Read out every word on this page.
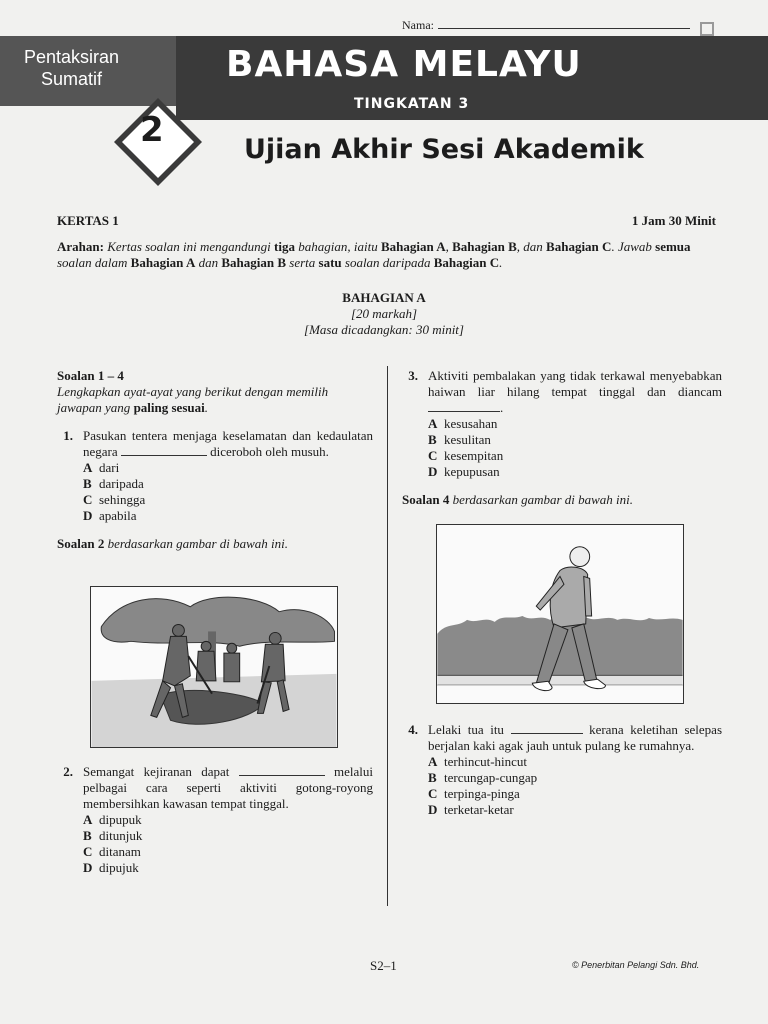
Nama:
Pentaksiran
Sumatif	BAHASA MELAYU
TINGKATAN 3
Ujian Akhir Sesi Akademik
2
KERTAS 1	1 Jam 30 Minit
Arahan: Kertas soalan ini mengandungi tiga bahagian, iaitu Bahagian A, Bahagian B, dan Bahagian C. Jawab semua soalan dalam Bahagian A dan Bahagian B serta satu soalan daripada Bahagian C.
BAHAGIAN A
[20 markah]
[Masa dicadangkan: 30 minit]
Soalan 1 – 4
Lengkapkan ayat-ayat yang berikut dengan memilih jawapan yang paling sesuai.
1. Pasukan tentera menjaga keselamatan dan kedaulatan negara	diceroboh oleh musuh.
A dari
B daripada
C sehingga
D apabila
Soalan 2 berdasarkan gambar di bawah ini.
2. Semangat kejiranan dapat	melalui pelbagai cara seperti aktiviti gotong-royong membersihkan kawasan tempat tinggal.
A dipupuk
B ditunjuk
C ditanam
D dipujuk
3. Aktiviti pembalakan yang tidak terkawal menyebabkan haiwan liar hilang tempat tinggal dan diancam .
A kesusahan
B kesulitan
C kesempitan
D kepupusan
Soalan 4 berdasarkan gambar di bawah ini.
4. Lelaki tua itu	kerana keletihan selepas berjalan kaki agak jauh untuk pulang ke rumahnya.
A terhincut-hincut
B tercungap-cungap
C terpinga-pinga
D terketar-ketar
S2–1	© Penerbitan Pelangi Sdn. Bhd.
